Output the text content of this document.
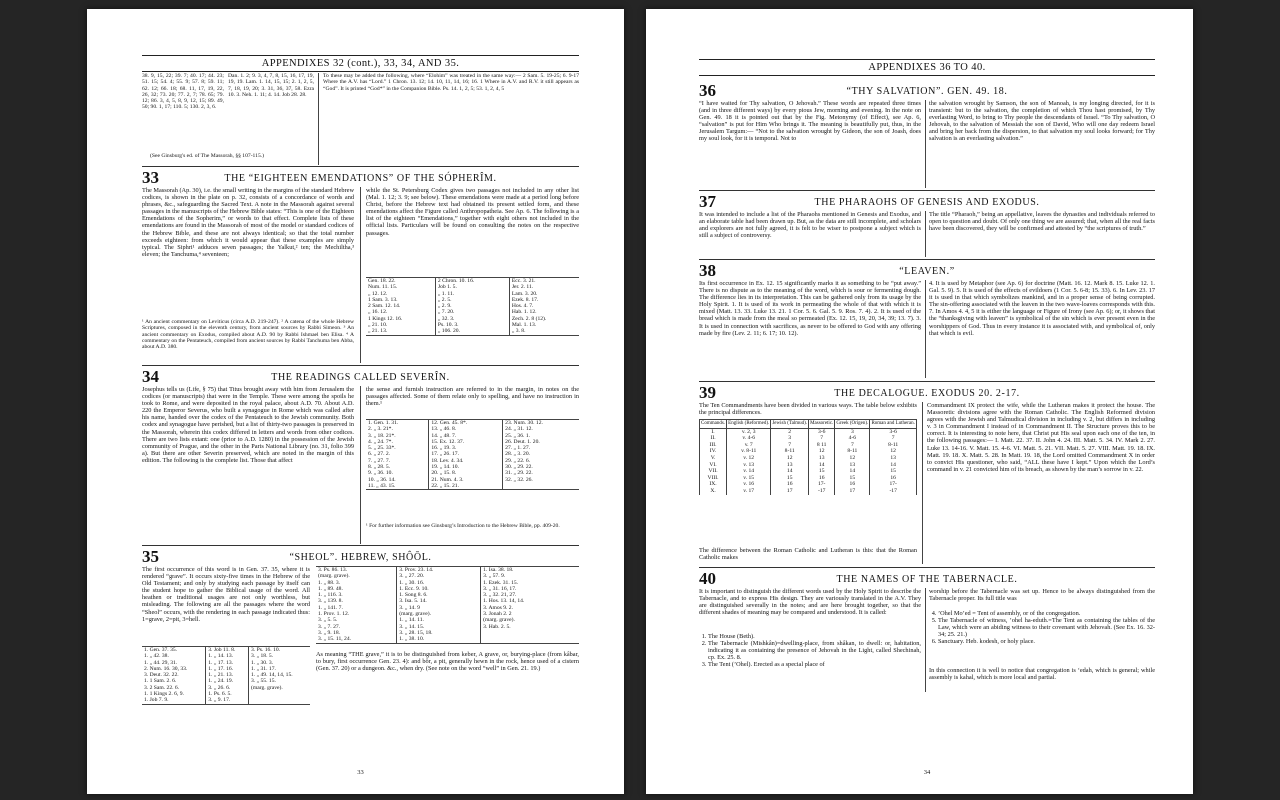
APPENDIXES 32 (cont.), 33, 34, AND 35.
38. 9, 15, 22; 39. 7; 40. 17; 44. 23; 51. 15; 54. 4; 55. 9; 57. 8; 59. 11; 62. 12; 66. 18; 68. 11, 17, 19, 22, 26, 32; 73. 20; 77. 2, 7; 78. 65; 79. 12; 86. 3, 4, 5, 8, 9, 12, 15; 89. 49, 50; 90. 1, 17; 110. 5; 130. 2, 3, 6.
Dan. 1. 2; 9. 3, 4, 7, 8, 15, 16, 17, 19, 19, 19. Lam. 1. 14, 15, 15; 2. 1, 2, 5, 7, 18, 19, 20; 3. 31, 36, 37, 58. Ezra 10. 3. Neh. 1. 11; 4. 14. Job 28. 28.
To these may be added the following, where “Elohim” was treated in the same way:— 2 Sam. 5. 19-25; 6. 9-17 Where the A.V. has “Lord.” 1 Chron. 13. 12; 14. 10, 11, 14, 16; 16. 1 Where in A.V. and R.V. it still appears as “God”. It is printed “God*” in the Companion Bible. Ps. 14. 1, 2, 5; 53. 1, 2, 4, 5
(See Ginsburg's ed. of The Massorah, §§ 107-115.)
33	THE “EIGHTEEN EMENDATIONS” OF THE SÓPHERÎM.
The Massorah (Ap. 30), i.e. the small writing in the margins of the standard Hebrew codices, is shown in the plate on p. 32, consists of a concordance of words and phrases, &c., safeguarding the Sacred Text. A note in the Massorah against several passages in the manuscripts of the Hebrew Bible states: “This is one of the Eighteen Emendations of the Sopherim,” or words to that effect. Complete lists of these emendations are found in the Massorah of most of the model or standard codices of the Hebrew Bible, and these are not always identical; so that the total number exceeds eighteen: from which it would appear that these examples are simply typical. The Siphri¹ adduces seven passages; the Yalkut,² ten; the Mechiltha,³ eleven; the Tanchuma,⁴ seventeen;
¹ An ancient commentary on Leviticus (circa A.D. 219-247). ² A catena of the whole Hebrew Scriptures, composed in the eleventh century, from ancient sources by Rabbi Simeon. ³ An ancient commentary on Exodus, compiled about A.D. 90 by Rabbi Ishmael ben Elisa. ⁴ A commentary on the Pentateuch, compiled from ancient sources by Rabbi Tanchuma ben Abba, about A.D. 380.
while the St. Petersburg Codex gives two passages not included in any other list (Mal. 1. 12; 3. 9; see below). These emendations were made at a period long before Christ, before the Hebrew text had obtained its present settled form, and these emendations affect the Figure called Anthropopatheia. See Ap. 6. The following is a list of the eighteen “Emendations,” together with eight others not included in the official lists. Particulars will be found on consulting the notes on the respective passages.
Gen. 18. 22.	2 Chron. 10. 16.	Ecc. 3. 21.
Num. 11. 15.	Job 1. 5.	Jer. 2. 11.
„ 12. 12.	„ 1. 11.	Lam. 3. 20.
1 Sam. 3. 13.	„ 2. 5.	Ezek. 8. 17.
2 Sam. 12. 14.	„ 2. 9.	Hos. 4. 7.
„ 16. 12.	„ 7. 20.	Hab. 1. 12.
1 Kings 12. 16.	„ 32. 3.	Zech. 2. 8 (12).
„ 21. 10.	Ps. 10. 3.	Mal. 1. 13.
„ 21. 13.	„ 106. 20.	„ 3. 8.
34	THE READINGS CALLED SEVERÎN.
Josephus tells us (Life, § 75) that Titus brought away with him from Jerusalem the codices (or manuscripts) that were in the Temple. These were among the spoils he took to Rome, and were deposited in the royal palace, about A.D. 70. About A.D. 220 the Emperor Severus, who built a synagogue in Rome which was called after his name, handed over the codex of the Pentateuch to the Jewish community. Both codex and synagogue have perished, but a list of thirty-two passages is preserved in the Massorah, wherein this codex differed in letters and words from other codices. There are two lists extant: one (prior to A.D. 1280) in the possession of the Jewish community of Prague, and the other in the Paris National Library (no. 31, folio 399 a). But there are other Severin preserved, which are noted in the margin of this edition. The following is the complete list. Those that affect
the sense and furnish instruction are referred to in the margin, in notes on the passages affected. Some of them relate only to spelling, and have no instruction in them.¹
1. Gen. 1. 31.	12. Gen. 45. 8*.	23. Num. 30. 12.
2. „ 3. 21*.	13. „ 46. 8.	24. „ 31. 12.
3. „ 18. 21*.	14. „ 48. 7.	25. „ 36. 1.
4. „ 24. 7*.	15. Ex. 12. 37.	26. Deut. 1. 20.
5. „ 25. 33*.	16. „ 19. 3.	27. „ 1. 27.
6. „ 27. 2.	17. „ 26. 17.	28. „ 3. 20.
7. „ 27. 7.	18. Lev. 4. 34.	29. „ 22. 6.
8. „ 28. 5.	19. „ 14. 10.	30. „ 29. 22.
9. „ 36. 10.	20. „ 15. 8.	31. „ 29. 22.
10. „ 36. 14.	21. Num. 4. 3.	32. „ 32. 26.
11. „ 43. 15.	22. „ 15. 21.	
¹ For further information see Ginsburg’s Introduction to the Hebrew Bible, pp. 409-20.
35	“SHEOL”. HEBREW, SHÔŌL.
The first occurrence of this word is in Gen. 37. 35, where it is rendered “grave”. It occurs sixty-five times in the Hebrew of the Old Testament; and only by studying each passage by itself can the student hope to gather the Biblical usage of the word. All heathen or traditional usages are not only worthless, but misleading. The following are all the passages where the word “Sheol” occurs, with the rendering in each passage indicated thus: 1=grave, 2=pit, 3=hell.
1. Gen. 37. 35.
1. „ 42. 38.
1. „ 44. 29, 31.
2. Num. 16. 30, 33.
3. Deut. 32. 22.
1. 1 Sam. 2. 6.
3. 2 Sam. 22. 6.
1. 1 Kings 2. 6, 9.
1. Job 7. 9.

3. Job 11. 8.
1. „ 14. 13.
1. „ 17. 13.
1. „ 17. 16.
1. „ 21. 13.
1. „ 24. 19.
3. „ 26. 6.
1. Ps. 6. 5.
3. „ 9. 17.

3. Ps. 16. 10.
3. „ 18. 5.
1. „ 30. 3.
1. „ 31. 17.
1. „ 49. 14, 14, 15.
3. „ 55. 15.
(marg. grave).
3. Ps. 86. 13.
(marg. grave).
1. „ 88. 3.
1. „ 89. 48.
1. „ 116. 3.
3. „ 139. 8.
1. „ 141. 7.
1. Prov. 1. 12.
3. „ 5. 5.
3. „ 7. 27.
3. „ 9. 18.
3. „ 15. 11, 24.

3. Prov. 23. 14.
3. „ 27. 20.
1. „ 30. 16.
1. Ecc. 9. 10.
1. Song 8. 6.
3. Isa. 5. 14.
3. „ 14. 9
(marg. grave).
1. „ 14. 11.
3. „ 14. 15.
3. „ 28. 15, 18.
1. „ 38. 10.

1. Isa. 38. 18.
3. „ 57. 9.
1. Ezek. 31. 15.
3. „ 31. 16, 17.
3. „ 32. 21, 27.
1. Hos. 13. 14, 14.
3. Amos 9. 2.
3. Jonah 2. 2
(marg. grave).
3. Hab. 2. 5.
As meaning “THE grave,” it is to be distinguished from keber, A grave, or, burying-place (from kâbar, to bury, first occurrence Gen. 23. 4): and bôr, a pit, generally hewn in the rock, hence used of a cistern (Gen. 37. 20) or a dungeon. &c., when dry. (See note on the word “well” in Gen. 21. 19.)
33
APPENDIXES 36 TO 40.
36	“THY SALVATION”. GEN. 49. 18.
“I have waited for Thy salvation, O Jehovah.” These words are repeated three times (and in three different ways) by every pious Jew, morning and evening. In the note on Gen. 49. 18 it is pointed out that by the Fig. Metonymy (of Effect), see Ap. 6, “salvation” is put for Him Who brings it. The meaning is beautifully put, thus, in the Jerusalem Targum:— “Not to the salvation wrought by Gideon, the son of Joash, does my soul look, for it is temporal. Not to
the salvation wrought by Samson, the son of Manoah, is my longing directed, for it is transient: but to the salvation, the completion of which Thou hast promised, by Thy everlasting Word, to bring to Thy people the descendants of Israel. “To Thy salvation, O Jehovah, to the salvation of Messiah the son of David, Who will one day redeem Israel and bring her back from the dispersion, to that salvation my soul looks forward; for Thy salvation is an everlasting salvation.”
37	THE PHARAOHS OF GENESIS AND EXODUS.
It was intended to include a list of the Pharaohs mentioned in Genesis and Exodus, and an elaborate table had been drawn up. But, as the data are still incomplete, and scholars and explorers are not fully agreed, it is felt to be wiser to postpone a subject which is still a subject of controversy.
The title “Pharaoh,” being an appellative, leaves the dynasties and individuals referred to open to question and doubt. Of only one thing we are assured; that, when all the real facts have been discovered, they will be confirmed and attested by “the scriptures of truth.”
38	“LEAVEN.”
Its first occurrence in Ex. 12. 15 significantly marks it as something to be “put away.” There is no dispute as to the meaning of the word, which is sour or fermenting dough. The difference lies in its interpretation. This can be gathered only from its usage by the Holy Spirit. 1. It is used of its work in permeating the whole of that with which it is mixed (Matt. 13. 33. Luke 13. 21. 1 Cor. 5. 6. Gal. 5. 9. Ros. 7. 4). 2. It is used of the bread which is made from the meal so permeated (Ex. 12. 15, 19, 20, 34, 39; 13. 7). 3. It is used in connection with sacrifices, as never to be offered to God with any offering made by fire (Lev. 2. 11; 6. 17; 10. 12).
4. It is used by Metaphor (see Ap. 6) for doctrine (Matt. 16. 12. Mark 8. 15. Luke 12. 1. Gal. 5. 9). 5. It is used of the effects of evildoers (1 Cor. 5. 6-8; 15. 33). 6. In Lev. 23. 17 it is used in that which symbolizes mankind, and in a proper sense of being corrupted. The sin-offering associated with the leaven in the two wave-loaves corresponds with this. 7. In Amos 4. 4, 5 it is either the language or Figure of Irony (see Ap. 6); or, it shows that the “thanksgiving with leaven” is symbolical of the sin which is ever present even in the worshippers of God. Thus in every instance it is associated with, and symbolical of, only that which is evil.
39	THE DECALOGUE. EXODUS 20. 2-17.
The Ten Commandments have been divided in various ways. The table below exhibits the principal differences.
Commands.	English (Reformed).	Jewish (Talmud).	Massoretic.	Greek (Origen).	Roman and Lutheran.
I.	v. 2, 3	2	3-6	3	3-6
II.	v. 4-6	3	7	4-6	7
III.	v. 7	7	8 11	7	8-11
IV.	v. 8-11	8-11	12	8-11	12
V.	v. 12	12	13	12	13
VI.	v. 13	13	14	13	14
VII.	v. 14	14	15	14	15
VIII.	v. 15	15	16	15	16
IX.	v. 16	16	17-	16	17-
X.	v. 17	17	-17	17	-17
The difference between the Roman Catholic and Lutheran is this: that the Roman Catholic makes
Commandment IX protect the wife, while the Lutheran makes it protect the house. The Massoretic divisions agree with the Roman Catholic. The English Reformed division agrees with the Jewish and Talmudical division in including v. 2, but differs in including v. 3 in Commandment I instead of in Commandment II. The Structure proves this to be correct. It is interesting to note here, that Christ put His seal upon each one of the ten, in the following passages:— I. Matt. 22. 37. II. John 4. 24. III. Matt. 5. 34. IV. Mark 2. 27. Luke 13. 14-16. V. Matt. 15. 4-6. VI. Matt. 5. 21. VII. Matt. 5. 27. VIII. Matt. 19. 18. IX. Matt. 19. 18. X. Matt. 5. 28. In Matt. 19. 18, the Lord omitted Commandment X in order to convict His questioner, who said, “ALL these have I kept.” Upon which the Lord’s command in v. 21 convicted him of its breach, as shown by the man’s sorrow in v. 22.
40	THE NAMES OF THE TABERNACLE.
It is important to distinguish the different words used by the Holy Spirit to describe the Tabernacle, and to express His design. They are variously translated in the A.V. They are distinguished severally in the notes; and are here brought together, so that the different shades of meaning may be compared and understood. It is called:
1. The House (Beth).
2. The Tabernacle (Mishkân)=dwelling-place, from shâkan, to dwell: or, habitation, indicating it as containing the presence of Jehovah in the Light, called Shechinah, cp. Ex. 25. 8.
3. The Tent (’Ohel). Erected as a special place of
worship before the Tabernacle was set up. Hence to be always distinguished from the Tabernacle proper. Its full title was
4. ’Ohel Mo’ed = Tent of assembly, or of the congregation.
5. The Tabernacle of witness, ’ohel ha-eduth.=The Tent as containing the tables of the Law, which were an abiding witness to their covenant with Jehovah. (See Ex. 16. 32-34; 25. 21.)
6. Sanctuary. Heb. kodesh, or holy place.
In this connection it is well to notice that congregation is ‘edah, which is general; while assembly is kahal, which is more local and partial.
34
